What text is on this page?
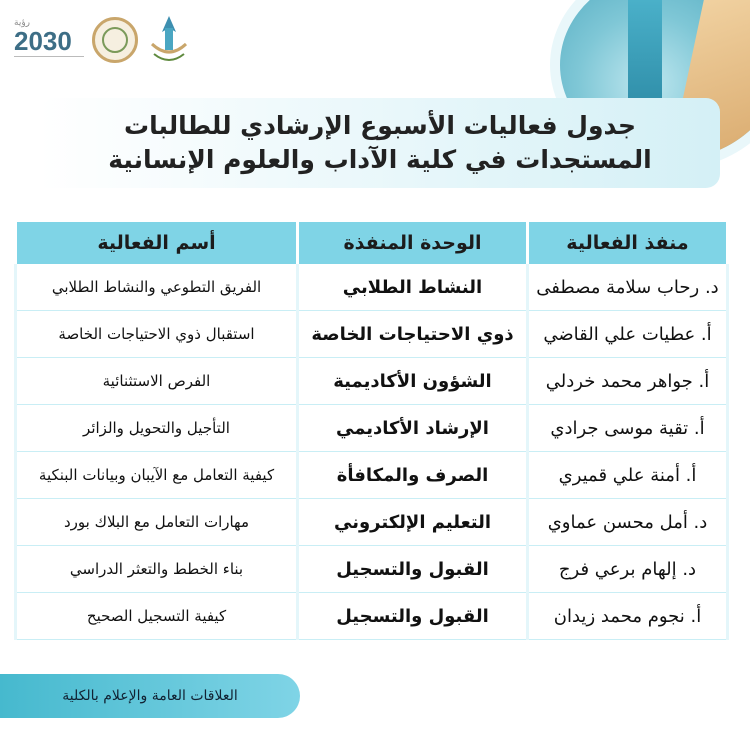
رؤية
2030
جدول فعاليات الأسبوع الإرشادي للطالبات
المستجدات في كلية الآداب والعلوم الإنسانية
منفذ الفعالية	الوحدة المنفذة	أسم الفعالية
د. رحاب سلامة مصطفى	النشاط الطلابي	الفريق التطوعي والنشاط الطلابي
أ. عطيات علي القاضي	ذوي الاحتياجات الخاصة	استقبال ذوي الاحتياجات الخاصة
أ. جواهر محمد خردلي	الشؤون الأكاديمية	الفرص الاستثنائية
أ. تقية موسى جرادي	الإرشاد الأكاديمي	التأجيل والتحويل والزائر
أ. أمنة علي قميري	الصرف والمكافأة	كيفية التعامل مع الآيبان وبيانات البنكية
د. أمل محسن عماوي	التعليم الإلكتروني	مهارات التعامل مع البلاك بورد
د. إلهام برعي فرج	القبول والتسجيل	بناء الخطط والتعثر الدراسي
أ. نجوم محمد زيدان	القبول والتسجيل	كيفية التسجيل الصحيح
العلاقات العامة والإعلام بالكلية
